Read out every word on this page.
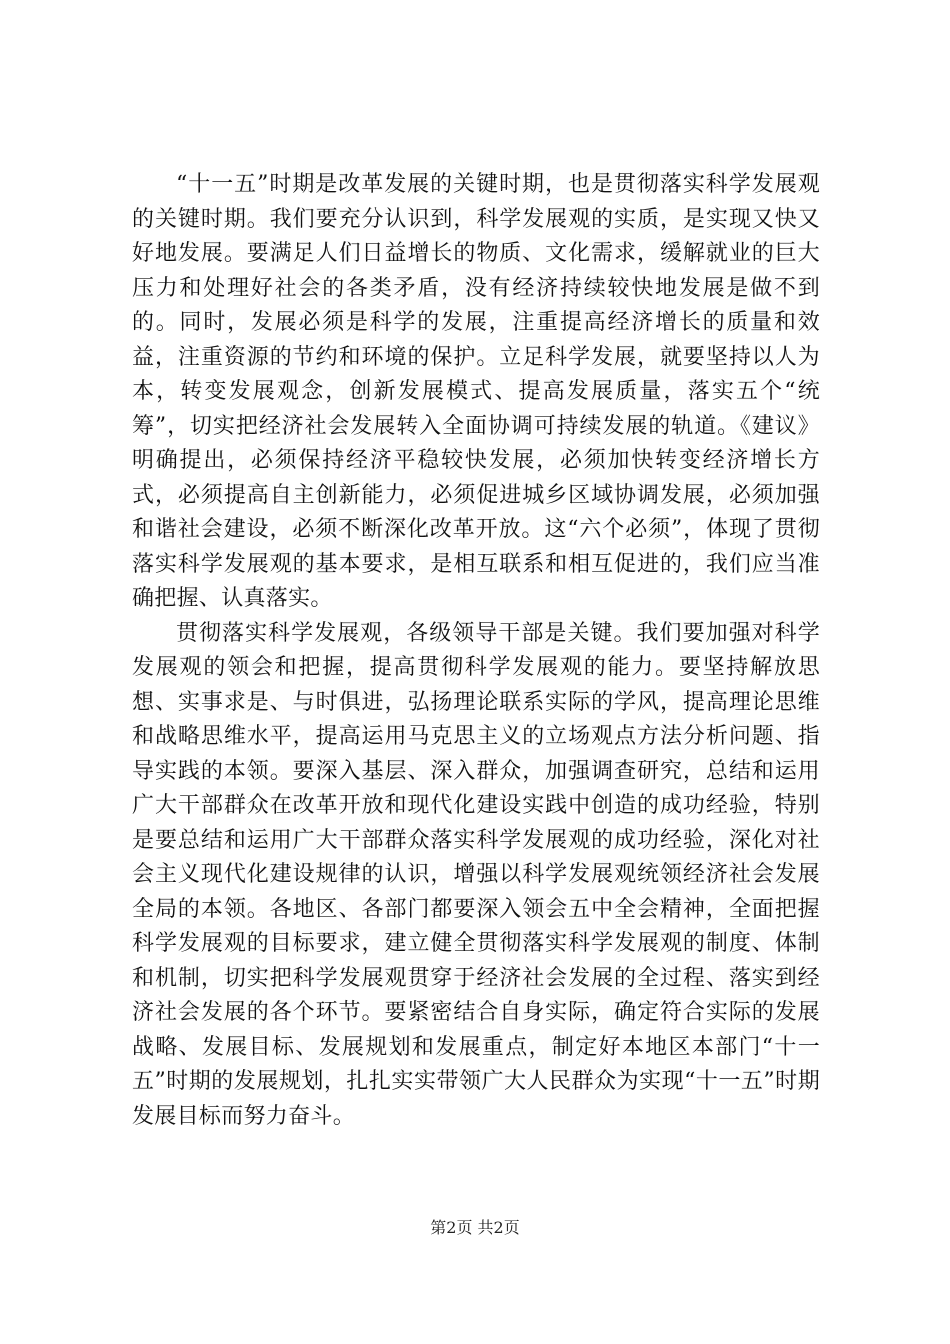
“十一五”时期是改革发展的关键时期，也是贯彻落实科学发展观的关键时期。我们要充分认识到，科学发展观的实质，是实现又快又好地发展。要满足人们日益增长的物质、文化需求，缓解就业的巨大压力和处理好社会的各类矛盾，没有经济持续较快地发展是做不到的。同时，发展必须是科学的发展，注重提高经济增长的质量和效益，注重资源的节约和环境的保护。立足科学发展，就要坚持以人为本，转变发展观念，创新发展模式、提高发展质量，落实五个“统筹”，切实把经济社会发展转入全面协调可持续发展的轨道。《建议》明确提出，必须保持经济平稳较快发展，必须加快转变经济增长方式，必须提高自主创新能力，必须促进城乡区域协调发展，必须加强和谐社会建设，必须不断深化改革开放。这“六个必须”，体现了贯彻落实科学发展观的基本要求，是相互联系和相互促进的，我们应当准确把握、认真落实。

贯彻落实科学发展观，各级领导干部是关键。我们要加强对科学发展观的领会和把握，提高贯彻科学发展观的能力。要坚持解放思想、实事求是、与时俱进，弘扬理论联系实际的学风，提高理论思维和战略思维水平，提高运用马克思主义的立场观点方法分析问题、指导实践的本领。要深入基层、深入群众，加强调查研究，总结和运用广大干部群众在改革开放和现代化建设实践中创造的成功经验，特别是要总结和运用广大干部群众落实科学发展观的成功经验，深化对社会主义现代化建设规律的认识，增强以科学发展观统领经济社会发展全局的本领。各地区、各部门都要深入领会五中全会精神，全面把握科学发展观的目标要求，建立健全贯彻落实科学发展观的制度、体制和机制，切实把科学发展观贯穿于经济社会发展的全过程、落实到经济社会发展的各个环节。要紧密结合自身实际，确定符合实际的发展战略、发展目标、发展规划和发展重点，制定好本地区本部门“十一五”时期的发展规划，扎扎实实带领广大人民群众为实现“十一五”时期发展目标而努力奋斗。

第2页 共2页
